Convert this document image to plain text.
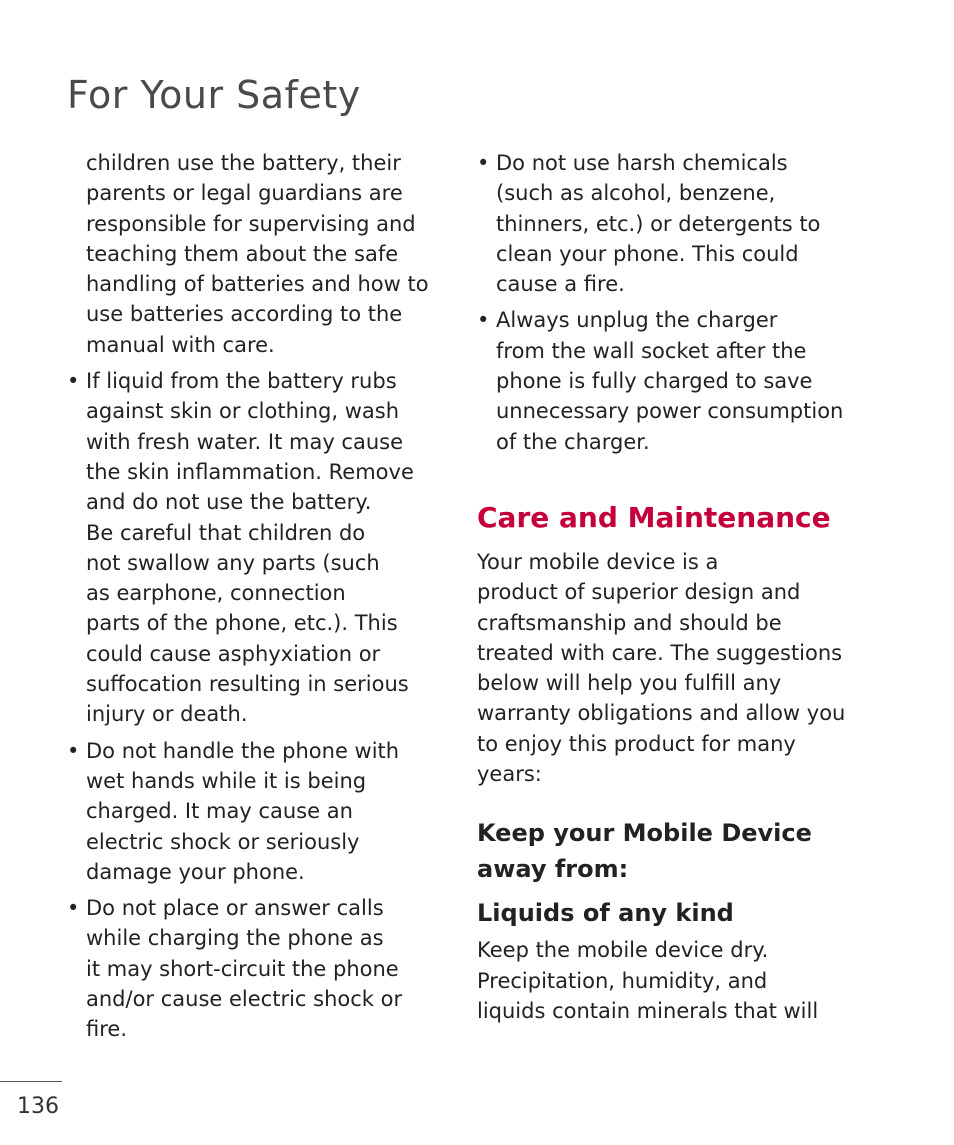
For Your Safety

children use the battery, their

parents or legal guardians are

responsible for supervising and

teaching them about the safe

handling of batteries and how to

use batteries according to the

manual with care.

• If liquid from the battery rubs

against skin or clothing, wash

with fresh water. It may cause

the skin inflammation. Remove

and do not use the battery.

Be careful that children do

not swallow any parts (such

as earphone, connection

parts of the phone, etc.). This

could cause asphyxiation or

suffocation resulting in serious

injury or death.

• Do not handle the phone with

wet hands while it is being

charged. It may cause an

electric shock or seriously

damage your phone.

• Do not place or answer calls

while charging the phone as

it may short-circuit the phone

and/or cause electric shock or

fire.

• Do not use harsh chemicals

(such as alcohol, benzene,

thinners, etc.) or detergents to

clean your phone. This could

cause a fire.

• Always unplug the charger

from the wall socket after the

phone is fully charged to save

unnecessary power consumption

of the charger.

Care and Maintenance

Your mobile device is a

product of superior design and

craftsmanship and should be

treated with care. The suggestions

below will help you fulfill any

warranty obligations and allow you

to enjoy this product for many

years:

Keep your Mobile Device
away from:
Liquids of any kind

Keep the mobile device dry.

Precipitation, humidity, and

liquids contain minerals that will

136
